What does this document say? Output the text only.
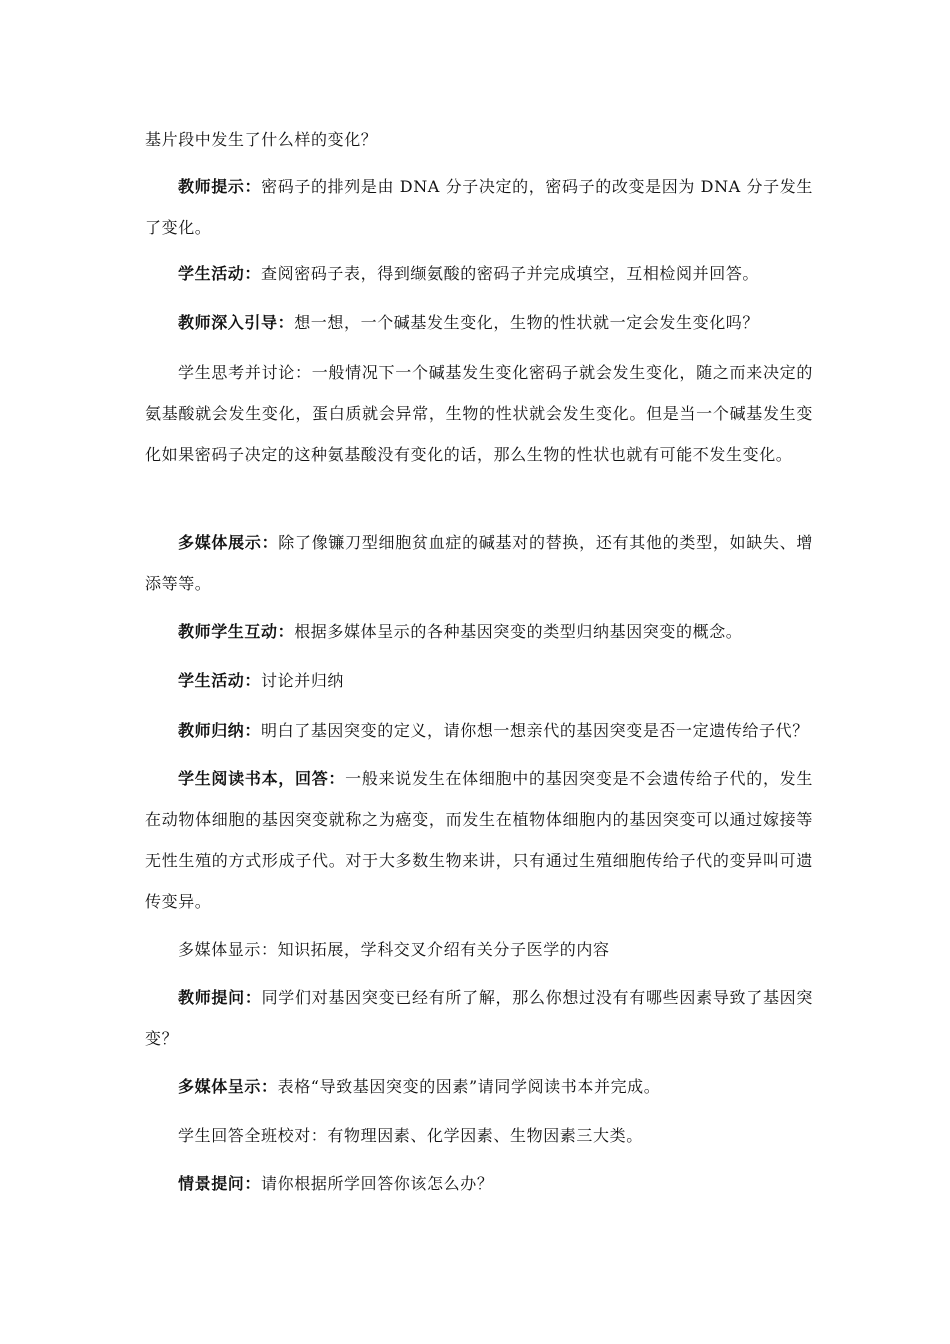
基片段中发生了什么样的变化？

教师提示：密码子的排列是由 DNA 分子决定的，密码子的改变是因为 DNA 分子发生了变化。

学生活动：查阅密码子表，得到缬氨酸的密码子并完成填空，互相检阅并回答。

教师深入引导：想一想，一个碱基发生变化，生物的性状就一定会发生变化吗？

学生思考并讨论：一般情况下一个碱基发生变化密码子就会发生变化，随之而来决定的氨基酸就会发生变化，蛋白质就会异常，生物的性状就会发生变化。但是当一个碱基发生变化如果密码子决定的这种氨基酸没有变化的话，那么生物的性状也就有可能不发生变化。

多媒体展示：除了像镰刀型细胞贫血症的碱基对的替换，还有其他的类型，如缺失、增添等等。

教师学生互动：根据多媒体呈示的各种基因突变的类型归纳基因突变的概念。

学生活动：讨论并归纳

教师归纳：明白了基因突变的定义，请你想一想亲代的基因突变是否一定遗传给子代？

学生阅读书本，回答：一般来说发生在体细胞中的基因突变是不会遗传给子代的，发生在动物体细胞的基因突变就称之为癌变，而发生在植物体细胞内的基因突变可以通过嫁接等无性生殖的方式形成子代。对于大多数生物来讲，只有通过生殖细胞传给子代的变异叫可遗传变异。

多媒体显示：知识拓展，学科交叉介绍有关分子医学的内容

教师提问：同学们对基因突变已经有所了解，那么你想过没有有哪些因素导致了基因突变？

多媒体呈示：表格“导致基因突变的因素”请同学阅读书本并完成。

学生回答全班校对：有物理因素、化学因素、生物因素三大类。

情景提问：请你根据所学回答你该怎么办？
